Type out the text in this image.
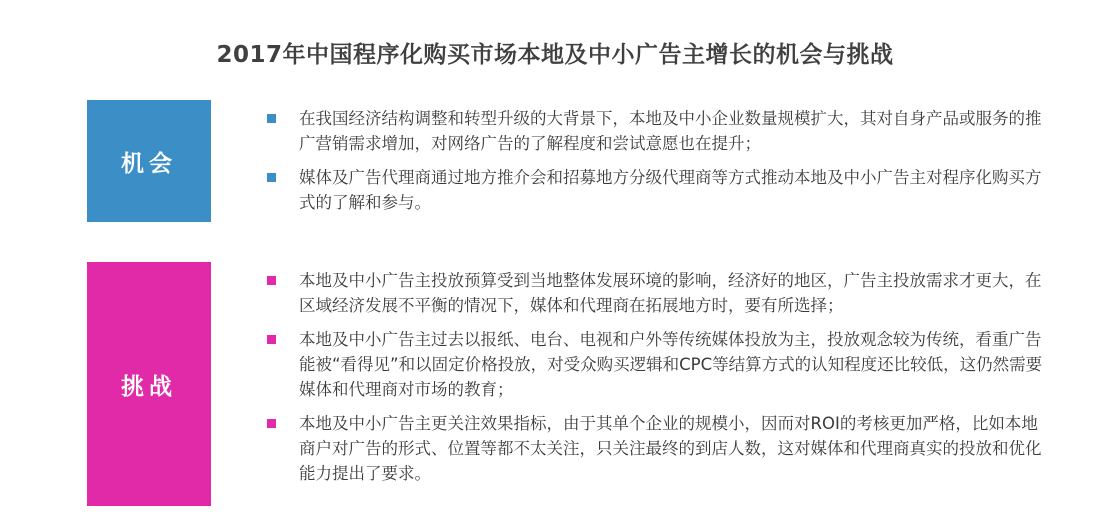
2017年中国程序化购买市场本地及中小广告主增长的机会与挑战
机会
在我国经济结构调整和转型升级的大背景下，本地及中小企业数量规模扩大，其对自身产品或服务的推广营销需求增加，对网络广告的了解程度和尝试意愿也在提升；
媒体及广告代理商通过地方推介会和招募地方分级代理商等方式推动本地及中小广告主对程序化购买方式的了解和参与。
挑战
本地及中小广告主投放预算受到当地整体发展环境的影响，经济好的地区，广告主投放需求才更大，在区域经济发展不平衡的情况下，媒体和代理商在拓展地方时，要有所选择；
本地及中小广告主过去以报纸、电台、电视和户外等传统媒体投放为主，投放观念较为传统，看重广告能被“看得见”和以固定价格投放，对受众购买逻辑和CPC等结算方式的认知程度还比较低，这仍然需要媒体和代理商对市场的教育；
本地及中小广告主更关注效果指标，由于其单个企业的规模小，因而对ROI的考核更加严格，比如本地商户对广告的形式、位置等都不太关注，只关注最终的到店人数，这对媒体和代理商真实的投放和优化能力提出了要求。
